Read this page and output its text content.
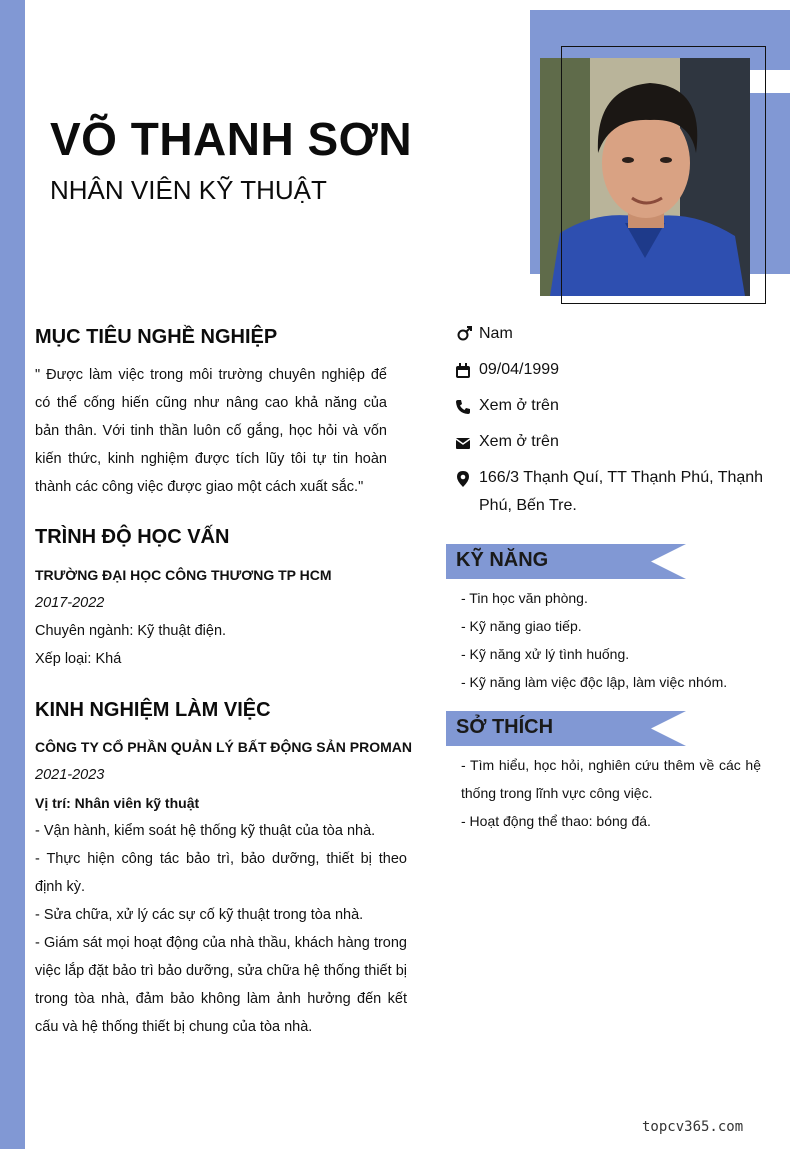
VÕ THANH SƠN
NHÂN VIÊN KỸ THUẬT
MỤC TIÊU NGHỀ NGHIỆP
" Được làm việc trong môi trường chuyên nghiệp để có thể cống hiến cũng như nâng cao khả năng của bản thân. Với tinh thần luôn cố gắng, học hỏi và vốn kiến thức, kinh nghiệm được tích lũy tôi tự tin hoàn thành các công việc được giao một cách xuất sắc."
TRÌNH ĐỘ HỌC VẤN
TRƯỜNG ĐẠI HỌC CÔNG THƯƠNG TP HCM
2017-2022
Chuyên ngành: Kỹ thuật điện.
Xếp loại: Khá
KINH NGHIỆM LÀM VIỆC
CÔNG TY CỔ PHẦN QUẢN LÝ BẤT ĐỘNG SẢN PROMAN
2021-2023
Vị trí: Nhân viên kỹ thuật
- Vận hành, kiểm soát hệ thống kỹ thuật của tòa nhà.
- Thực hiện công tác bảo trì, bảo dưỡng, thiết bị theo định kỳ.
- Sửa chữa, xử lý các sự cố kỹ thuật trong tòa nhà.
- Giám sát mọi hoạt động của nhà thầu, khách hàng trong việc lắp đặt bảo trì bảo dưỡng, sửa chữa hệ thống thiết bị trong tòa nhà, đảm bảo không làm ảnh hưởng đến kết cấu và hệ thống thiết bị chung của tòa nhà.
Nam
09/04/1999
Xem ở trên
Xem ở trên
166/3 Thạnh Quí, TT Thạnh Phú, Thạnh Phú, Bến Tre.
KỸ NĂNG
- Tin học văn phòng.
- Kỹ năng giao tiếp.
- Kỹ năng xử lý tình huống.
- Kỹ năng làm việc độc lập, làm việc nhóm.
SỞ THÍCH
- Tìm hiểu, học hỏi, nghiên cứu thêm về các hệ thống trong lĩnh vực công việc.
- Hoạt động thể thao: bóng đá.
topcv365.com
